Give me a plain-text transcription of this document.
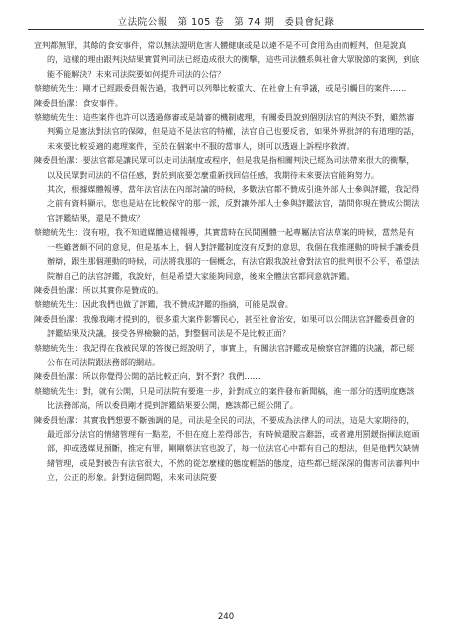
立法院公報　第 105 卷　第 74 期　委員會紀錄

宣判都無罪，其餘的食安事件，常以無法證明危害人體健康或是以違不是不可食用為由而輕判，但是說真的，這樣的理由跟判決結果實質判司法已經造成很大的衝擊，這些司法體系與社會大眾脫節的案例，到底能不能解決？未來司法院要如何提升司法的公信？

蔡總統先生：剛才已經跟委員報告過，我們可以列舉比較重大、在社會上有爭議，或是引觸目的案件……

陳委員怡潔：食安事件。

蔡總統先生：這些案件也許可以透過修審或是請審的機制處理，有關委員說到個別法官的判決不對，雖然審判獨立是憲法對法官的保障，但是這不是法官的特權，法官自己也要反省，如果外界批評的有道理的話，未來要比較妥適的處理案件，至於在個案中不服的當事人，則可以透過上訴程序救濟。

陳委員怡潔：要法官都是讓民眾可以走司法制度或程序，但是我是指相關判決已經為司法帶來很大的衝擊，以及民眾對司法的不信任感，對於到底要怎麼重新找回信任感，我期待未來要法官能夠努力。

其次，根據媒體報導，當年法官法在內部討論的時候，多數法官都不贊成引進外部人士參與評鑑，我記得之前有資料顯示，您也是站在比較保守的那一派，反對讓外部人士參與評鑑法官，請問你現在贊成公開法官評鑑結果，還是不贊成？

蔡總統先生：沒有啦，我不知道媒體這樣報導，其實當時在民間團體一起專屬法官法草案的時候，當然是有一些雖著頗不同的意見，但是基本上，個人對評鑑制度沒有反對的意思，我個在我推運動的時候手讓委員辦辯，跟生那個運動的時候，司法將我那的一個概念，有法官跟我說社會對法官的批判很不公平，希望法院辦自己的法官評鑑，我說好，但是希望大家能夠同意，後來全體法官都同意就評鑑。

陳委員怡潔：所以其實你是贊成的。

蔡總統先生：因此我們也做了評鑑，我不贊成評鑑的指摘，可能是誤會。

陳委員怡潔：我像我剛才提到的，很多重大案件影響民心，甚至社會治安，如果可以公開法官評鑑委員會的評鑑結果及決議，接受各界檢驗的話，對整個司法是不是比較正面？

蔡總統先生：我記得在我被民眾的答復已經說明了，事實上，有關法官評鑑或是檢察官評鑑的決議，都已經公布在司法院跟法務部的網站。

陳委員怡潔：所以你覺得公開的話比較正向，對不對？我們……

蔡總統先生：對，就有公開，只是司法院有要進一步，針對成立的案件發布新聞稿，進一部分的透明度應該比法務部高，所以委員剛才提到評鑑結果要公開，應該都已經公開了。

陳委員怡潔：其實我們想要不斷強調的是，司法是全民的司法，不要成為法律人的司法，這是大家期待的，最近部分法官的情緒管理有一點差，不但在庭上差得部告，有時候還脫言辭語，或者違用罰鍰指揮法庭頭部，抑或透媒見預斷，推定有罪，剛剛蔡法官也說了，每一位法官心中都有自己的想法，但是他們欠缺情緒管理，或是對被告有法官很大，不然的從怎麼樣的態度輕語的態度，這些都已經深深的傷害司法審判中立，公正的形象。針對這個問題，未來司法院要

240
